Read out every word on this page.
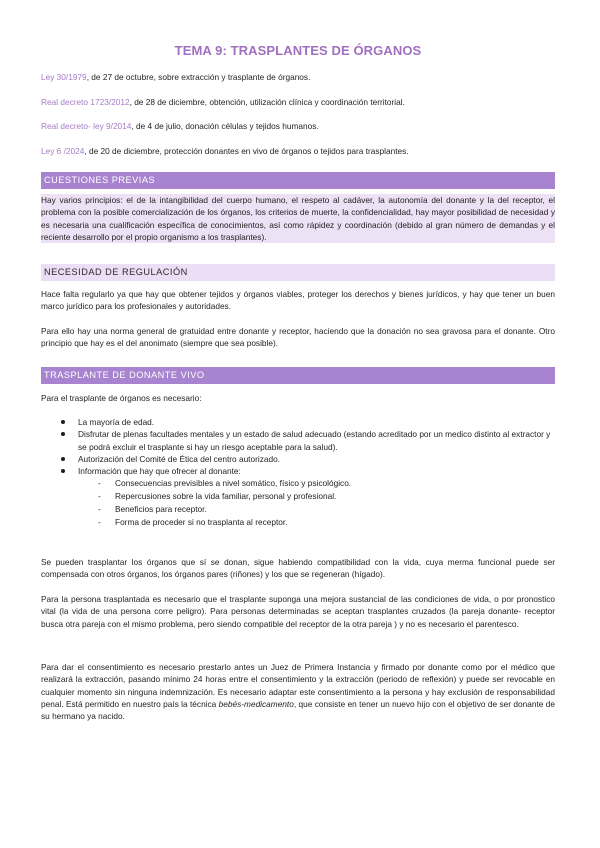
TEMA 9: TRASPLANTES DE ÓRGANOS
Ley 30/1979, de 27 de octubre, sobre extracción y trasplante de órganos.
Real decreto 1723/2012, de 28 de diciembre, obtención, utilización clínica y coordinación territorial.
Real decreto- ley 9/2014, de 4 de julio, donación células y tejidos humanos.
Ley 6 /2024, de 20 de diciembre, protección donantes en vivo de órganos o tejidos para trasplantes.
CUESTIONES PREVIAS
Hay varios principios: el de la intangibilidad del cuerpo humano, el respeto al cadáver, la autonomía del donante y la del receptor, el problema con la posible comercialización de los órganos, los criterios de muerte, la confidencialidad, hay mayor posibilidad de necesidad y es necesaria una cualificación específica de conocimientos, así como rápidez y coordinación (debido al gran número de demandas y el reciente desarrollo por el propio organismo a los trasplantes).
NECESIDAD DE REGULACIÓN
Hace falta regularlo ya que hay que obtener tejidos y órganos viables, proteger los derechos y bienes jurídicos, y hay que tener un buen marco jurídico para los profesionales y autoridades.
Para ello hay una norma general de gratuidad entre donante y receptor, haciendo que la donación no sea gravosa para el donante. Otro principio que hay es el del anonimato (siempre que sea posible).
TRASPLANTE DE DONANTE VIVO
Para el trasplante de órganos es necesario:
La mayoría de edad.
Disfrutar de plenas facultades mentales y un estado de salud adecuado (estando acreditado por un medico distinto al extractor y se podrá excluir el trasplante si hay un riesgo aceptable para la salud).
Autorización del Comité de Ética del centro autorizado.
Información que hay que ofrecer al donante:
- Consecuencias previsibles a nivel somático, físico y psicológico.
- Repercusiones sobre la vida familiar, personal y profesional.
- Beneficios para receptor.
- Forma de proceder si no trasplanta al receptor.
Se pueden trasplantar los órganos que sí se donan, sigue habiendo compatibilidad con la vida, cuya merma funcional puede ser compensada con otros órganos, los órganos pares (riñones) y los que se regeneran (hígado).
Para la persona trasplantada es necesario que el trasplante suponga una mejora sustancial de las condiciones de vida, o por pronostico vital (la vida de una persona corre peligro). Para personas determinadas se aceptan trasplantes cruzados (la pareja donante- receptor busca otra pareja con el mismo problema, pero siendo compatible del receptor de la otra pareja ) y no es necesario el parentesco.
Para dar el consentimiento es necesario prestarlo antes un Juez de Primera Instancia y firmado por donante como por el médico que realizará la extracción, pasando mínimo 24 horas entre el consentimiento y la extracción (periodo de reflexión) y puede ser revocable en cualquier momento sin ninguna indemnización. Es necesario adaptar este consentimiento a la persona y hay exclusión de responsabilidad penal. Está permitido en nuestro país la técnica bebés-medicamento, que consiste en tener un nuevo hijo con el objetivo de ser donante de su hermano ya nacido.
